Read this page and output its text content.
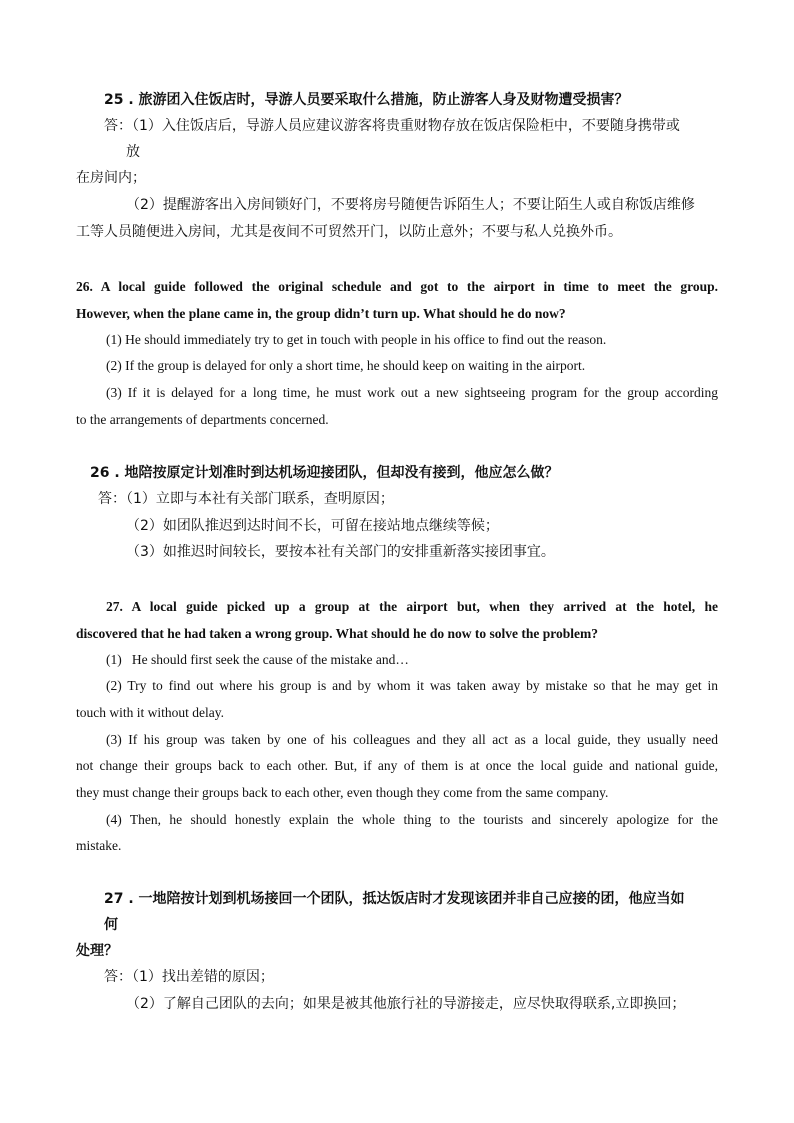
25 . 旅游团入住饭店时，导游人员要采取什么措施，防止游客人身及财物遭受损害？
答：（1）入住饭店后，导游人员应建议游客将贵重财物存放在饭店保险柜中，不要随身携带或
放
在房间内；
（2）提醒游客出入房间锁好门，不要将房号随便告诉陌生人；不要让陌生人或自称饭店维修
工等人员随便进入房间，尤其是夜间不可贸然开门，以防止意外；不要与私人兑换外币。
26. A local guide followed the original schedule and got to the airport in time to meet the group.
However, when the plane came in, the group didn’t turn up. What should he do now?
(1) He should immediately try to get in touch with people in his office to find out the reason.
(2) If the group is delayed for only a short time, he should keep on waiting in the airport.
(3) If it is delayed for a long time, he must work out a new sightseeing program for the group according
to the arrangements of departments concerned.
26 . 地陪按原定计划准时到达机场迎接团队，但却没有接到，他应怎么做？
答：（1）立即与本社有关部门联系，查明原因；
（2）如团队推迟到达时间不长，可留在接站地点继续等候；
（3）如推迟时间较长，要按本社有关部门的安排重新落实接团事宜。
27. A local guide picked up a group at the airport but, when they arrived at the hotel, he
discovered that he had taken a wrong group. What should he do now to solve the problem?
(1)   He should first seek the cause of the mistake and…
(2) Try to find out where his group is and by whom it was taken away by mistake so that he may get in
touch with it without delay.
(3) If his group was taken by one of his colleagues and they all act as a local guide, they usually need
not change their groups back to each other. But, if any of them is at once the local guide and national guide,
they must change their groups back to each other, even though they come from the same company.
(4) Then, he should honestly explain the whole thing to the tourists and sincerely apologize for the
mistake.
27 . 一地陪按计划到机场接回一个团队，抵达饭店时才发现该团并非自己应接的团，他应当如
何
处理？
答：（1）找出差错的原因；
（2）了解自己团队的去向；如果是被其他旅行社的导游接走，应尽快取得联系,立即换回；
